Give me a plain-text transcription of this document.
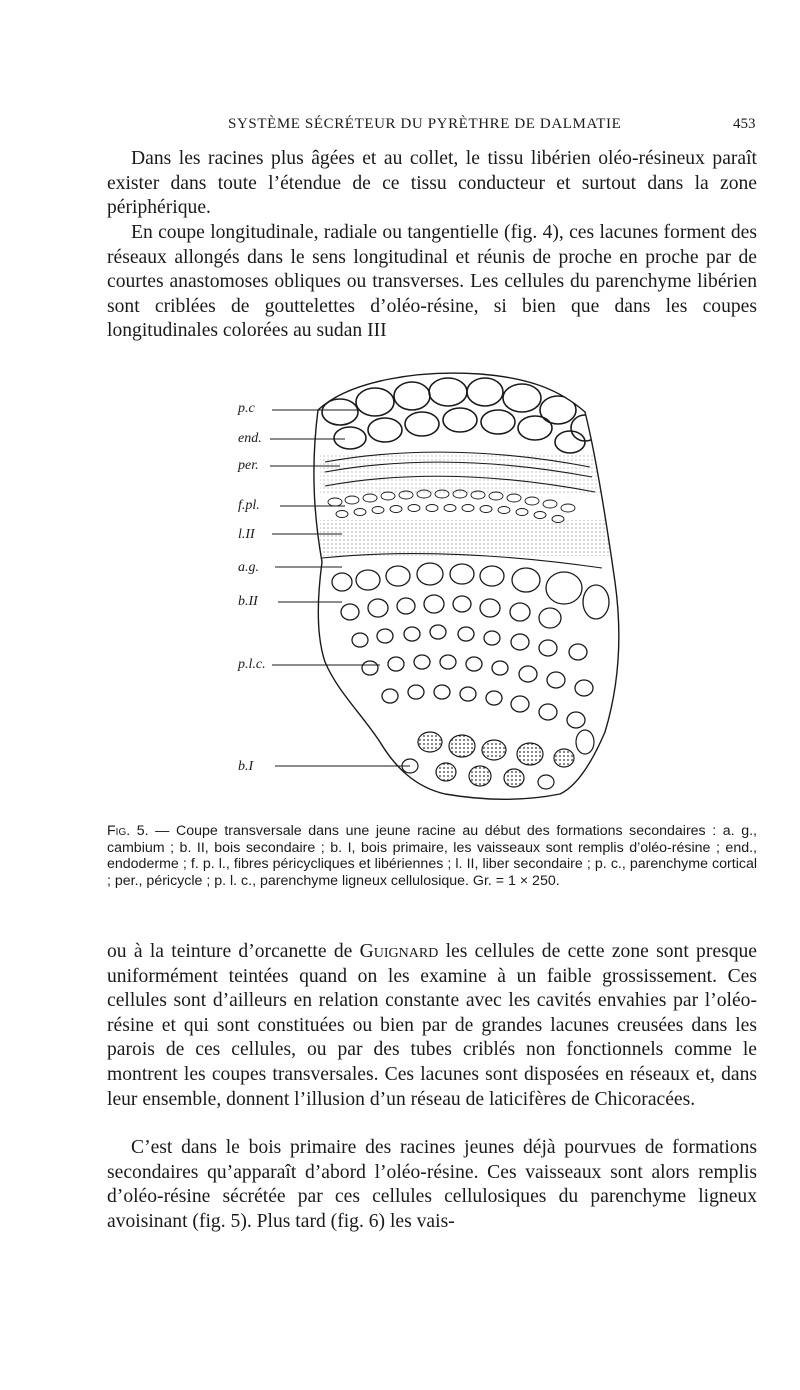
SYSTÈME SÉCRÉTEUR DU PYRÈTHRE DE DALMATIE	453

Dans les racines plus âgées et au collet, le tissu libérien oléo-résineux paraît exister dans toute l’étendue de ce tissu conducteur et surtout dans la zone périphérique.

En coupe longitudinale, radiale ou tangentielle (fig. 4), ces lacunes forment des réseaux allongés dans le sens longitudinal et réunis de proche en proche par de courtes anastomoses obliques ou transverses. Les cellules du parenchyme libérien sont criblées de gouttelettes d’oléo-résine, si bien que dans les coupes longitudinales colorées au sudan III

p.c
end.
per.
f.pl.
l.II
a.g.
b.II
p.l.c.
b.I

Fig. 5. — Coupe transversale dans une jeune racine au début des formations secondaires : a. g., cambium ; b. II, bois secondaire ; b. I, bois primaire, les vaisseaux sont remplis d’oléo-résine ; end., endoderme ; f. p. l., fibres péricycliques et libériennes ; l. II, liber secondaire ; p. c., parenchyme cortical ; per., péricycle ; p. l. c., parenchyme ligneux cellulosique. Gr. = 1 × 250.

ou à la teinture d’orcanette de Guignard les cellules de cette zone sont presque uniformément teintées quand on les examine à un faible grossissement. Ces cellules sont d’ailleurs en relation constante avec les cavités envahies par l’oléo-résine et qui sont constituées ou bien par de grandes lacunes creusées dans les parois de ces cellules, ou par des tubes criblés non fonctionnels comme le montrent les coupes transversales. Ces lacunes sont disposées en réseaux et, dans leur ensemble, donnent l’illusion d’un réseau de laticifères de Chicoracées.

C’est dans le bois primaire des racines jeunes déjà pourvues de formations secondaires qu’apparaît d’abord l’oléo-résine. Ces vaisseaux sont alors remplis d’oléo-résine sécrétée par ces cellules cellulosiques du parenchyme ligneux avoisinant (fig. 5). Plus tard (fig. 6) les vais-
